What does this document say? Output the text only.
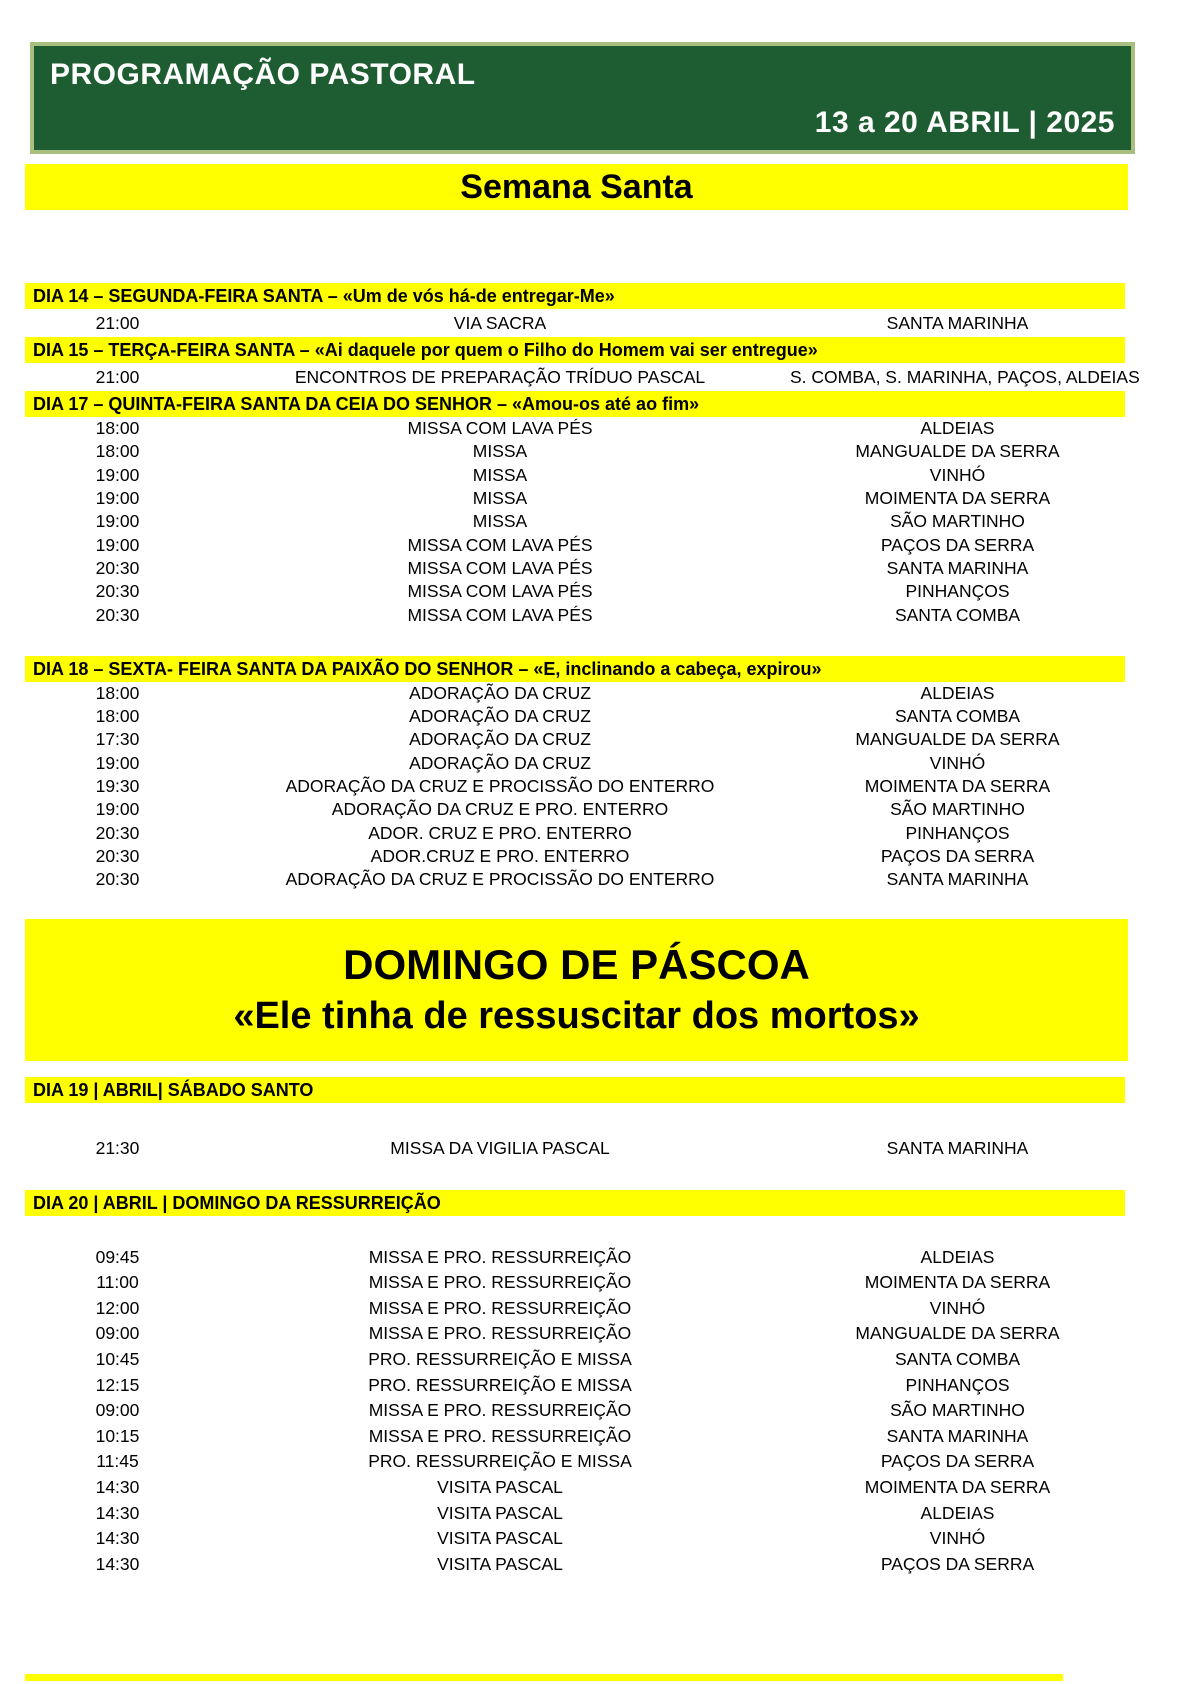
PROGRAMAÇÃO PASTORAL
13 a 20 ABRIL | 2025
Semana Santa
DIA 14 – SEGUNDA-FEIRA SANTA – «Um de vós há-de entregar-Me»
21:00	VIA SACRA	SANTA MARINHA
DIA 15 – TERÇA-FEIRA SANTA – «Ai daquele por quem o Filho do Homem vai ser entregue»
21:00	ENCONTROS DE PREPARAÇÃO TRÍDUO PASCAL	S. COMBA, S. MARINHA, PAÇOS, ALDEIAS
DIA 17 – QUINTA-FEIRA SANTA DA CEIA DO SENHOR – «Amou-os até ao fim»
18:00	MISSA COM LAVA PÉS	ALDEIAS
18:00	MISSA	MANGUALDE DA SERRA
19:00	MISSA	VINHÓ
19:00	MISSA	MOIMENTA DA SERRA
19:00	MISSA	SÃO MARTINHO
19:00	MISSA COM LAVA PÉS	PAÇOS DA SERRA
20:30	MISSA COM LAVA PÉS	SANTA MARINHA
20:30	MISSA COM LAVA PÉS	PINHANÇOS
20:30	MISSA COM LAVA PÉS	SANTA COMBA
DIA 18 – SEXTA- FEIRA SANTA DA PAIXÃO DO SENHOR – «E, inclinando a cabeça, expirou»
18:00	ADORAÇÃO DA CRUZ	ALDEIAS
18:00	ADORAÇÃO DA CRUZ	SANTA COMBA
17:30	ADORAÇÃO DA CRUZ	MANGUALDE DA SERRA
19:00	ADORAÇÃO DA CRUZ	VINHÓ
19:30	ADORAÇÃO DA CRUZ E PROCISSÃO DO ENTERRO	MOIMENTA DA SERRA
19:00	ADORAÇÃO DA CRUZ E PRO. ENTERRO	SÃO MARTINHO
20:30	ADOR. CRUZ E PRO. ENTERRO	PINHANÇOS
20:30	ADOR.CRUZ E PRO. ENTERRO	PAÇOS DA SERRA
20:30	ADORAÇÃO DA CRUZ E PROCISSÃO DO ENTERRO	SANTA MARINHA
DOMINGO DE PÁSCOA
«Ele tinha de ressuscitar dos mortos»
DIA 19 | ABRIL| SÁBADO SANTO
21:30	MISSA DA VIGILIA PASCAL	SANTA MARINHA
DIA 20 | ABRIL | DOMINGO DA RESSURREIÇÃO
09:45	MISSA E PRO. RESSURREIÇÃO	ALDEIAS
11:00	MISSA E PRO. RESSURREIÇÃO	MOIMENTA DA SERRA
12:00	MISSA E PRO. RESSURREIÇÃO	VINHÓ
09:00	MISSA E PRO. RESSURREIÇÃO	MANGUALDE DA SERRA
10:45	PRO. RESSURREIÇÃO E MISSA	SANTA COMBA
12:15	PRO. RESSURREIÇÃO E MISSA	PINHANÇOS
09:00	MISSA E PRO. RESSURREIÇÃO	SÃO MARTINHO
10:15	MISSA E PRO. RESSURREIÇÃO	SANTA MARINHA
11:45	PRO. RESSURREIÇÃO E MISSA	PAÇOS DA SERRA
14:30	VISITA PASCAL	MOIMENTA DA SERRA
14:30	VISITA PASCAL	ALDEIAS
14:30	VISITA PASCAL	VINHÓ
14:30	VISITA PASCAL	PAÇOS DA SERRA
